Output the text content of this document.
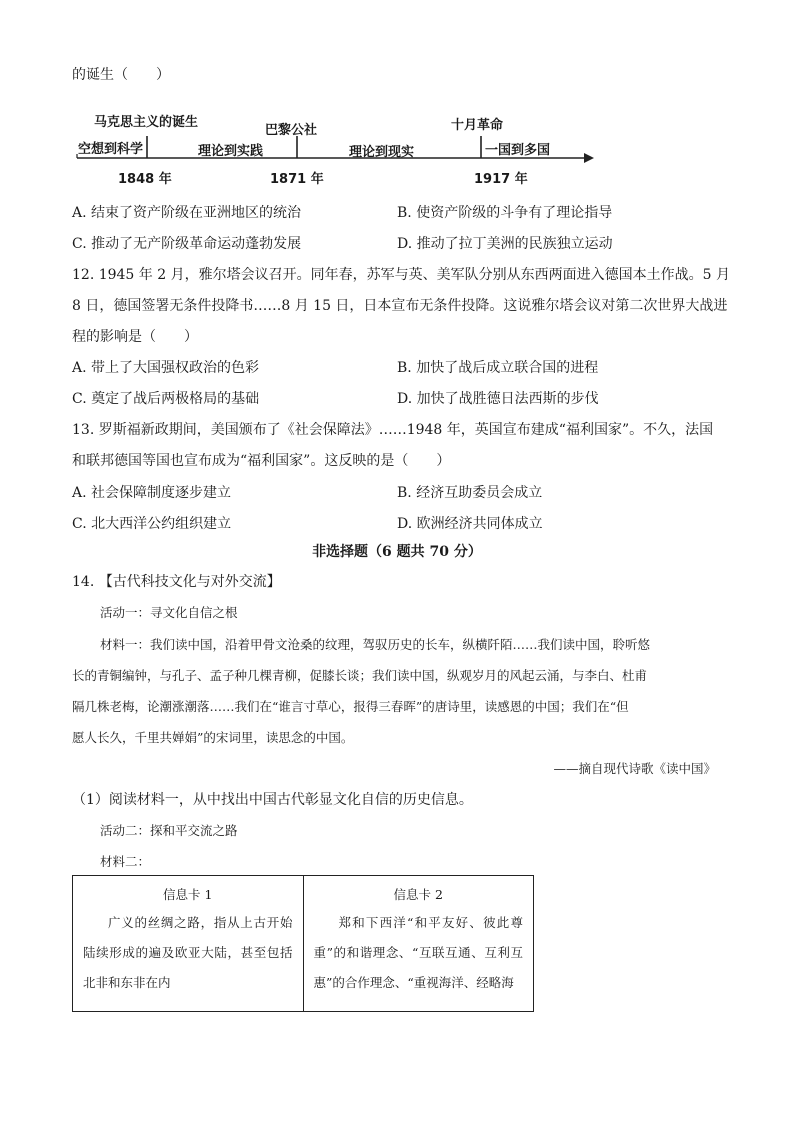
的诞生（　　）
马克思主义的诞生
空想到科学	理论到实践
巴黎公社
理论到现实
十月革命
一国到多国
1848 年	1871 年	1917 年
A. 结束了资产阶级在亚洲地区的统治	B. 使资产阶级的斗争有了理论指导
C. 推动了无产阶级革命运动蓬勃发展	D. 推动了拉丁美洲的民族独立运动
12. 1945 年 2 月，雅尔塔会议召开。同年春，苏军与英、美军队分别从东西两面进入德国本土作战。5 月
8 日，德国签署无条件投降书……8 月 15 日，日本宣布无条件投降。这说雅尔塔会议对第二次世界大战进
程的影响是（　　）
A. 带上了大国强权政治的色彩	B. 加快了战后成立联合国的进程
C. 奠定了战后两极格局的基础	D. 加快了战胜德日法西斯的步伐
13. 罗斯福新政期间，美国颁布了《社会保障法》……1948 年，英国宣布建成“福利国家”。不久，法国
和联邦德国等国也宣布成为“福利国家”。这反映的是（　　）
A. 社会保障制度逐步建立	B. 经济互助委员会成立
C. 北大西洋公约组织建立	D. 欧洲经济共同体成立
非选择题（6 题共 70 分）
14. 【古代科技文化与对外交流】
活动一：寻文化自信之根
材料一：我们读中国，沿着甲骨文沧桑的纹理，驾驭历史的长车，纵横阡陌……我们读中国，聆听悠
长的青铜编钟，与孔子、孟子种几棵青柳，促膝长谈；我们读中国，纵观岁月的风起云涌，与李白、杜甫
隔几株老梅，论潮涨潮落……我们在“谁言寸草心，报得三春晖”的唐诗里，读感恩的中国；我们在“但
愿人长久，千里共婵娟”的宋词里，读思念的中国。
——摘自现代诗歌《读中国》
（1）阅读材料一，从中找出中国古代彰显文化自信的历史信息。
活动二：探和平交流之路
材料二：
信息卡 1
广义的丝绸之路，指从上古开始陆续形成的遍及欧亚大陆，甚至包括北非和东非在内

信息卡 2
郑和下西洋“和平友好、彼此尊重”的和谐理念、“互联互通、互利互惠”的合作理念、“重视海洋、经略海
